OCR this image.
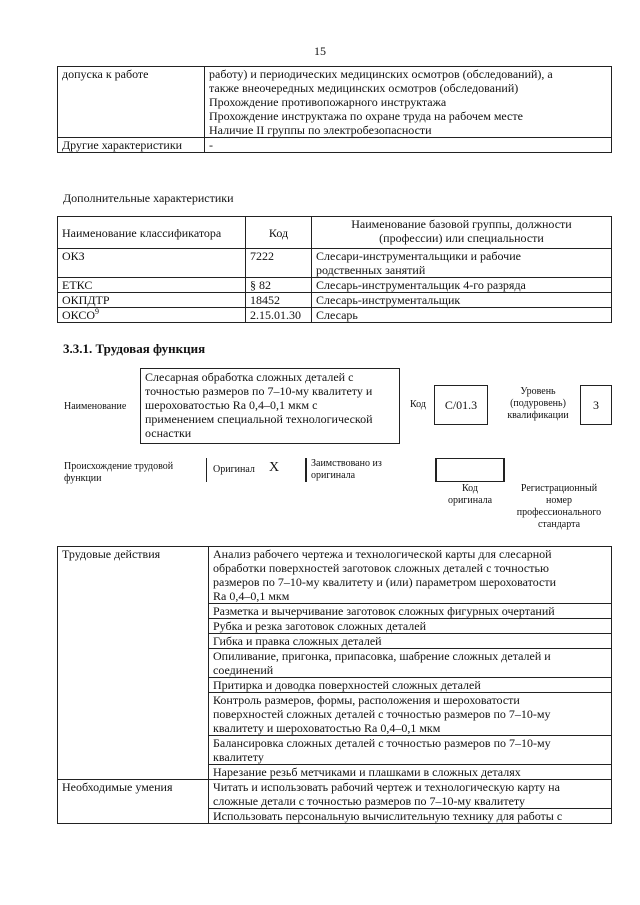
15
допуска к работе	работу) и периодических медицинских осмотров (обследований), а
также внеочередных медицинских осмотров (обследований)
Прохождение противопожарного инструктажа
Прохождение инструктажа по охране труда на рабочем месте
Наличие II группы по электробезопасности

Другие характеристики	-
Дополнительные характеристики
Наименование классификатора	Код	Наименование базовой группы, должности
(профессии) или специальности

ОКЗ	7222	Слесари-инструментальщики и рабочие
родственных занятий

ЕТКС	§ 82	Слесарь-инструментальщик 4-го разряда
ОКПДТР	18452	Слесарь-инструментальщик
ОКСО$^9$	2.15.01.30	Слесарь
3.3.1. Трудовая функция
Наименование
Слесарная обработка сложных деталей с
точностью размеров по 7–10-му квалитету и
шероховатостью Ra 0,4–0,1 мкм с
применением специальной технологической
оснастки
Код	C/01.3
Уровень
(подуровень)
квалификации
3
Происхождение трудовой
функции
Оригинал X	Заимствовано из
оригинала
Код
оригинала
Регистрационный
номер
профессионального
стандарта
Трудовые действия	Анализ рабочего чертежа и технологической карты для слесарной
обработки поверхностей заготовок сложных деталей с точностью
размеров по 7–10-му квалитету и (или) параметром шероховатости
Ra 0,4–0,1 мкм

	Разметка и вычерчивание заготовок сложных фигурных очертаний
	Рубка и резка заготовок сложных деталей
	Гибка и правка сложных деталей

	Опиливание, пригонка, припасовка, шабрение сложных деталей и
соединений

	Притирка и доводка поверхностей сложных деталей

	Контроль размеров, формы, расположения и шероховатости
поверхностей сложных деталей с точностью размеров по 7–10-му
квалитету и шероховатостью Ra 0,4–0,1 мкм

	Балансировка сложных деталей с точностью размеров по 7–10-му
квалитету

	Нарезание резьб метчиками и плашками в сложных деталях
Необходимые умения	Читать и использовать рабочий чертеж и технологическую карту на
сложные детали с точностью размеров по 7–10-му квалитету

	Использовать персональную вычислительную технику для работы с
